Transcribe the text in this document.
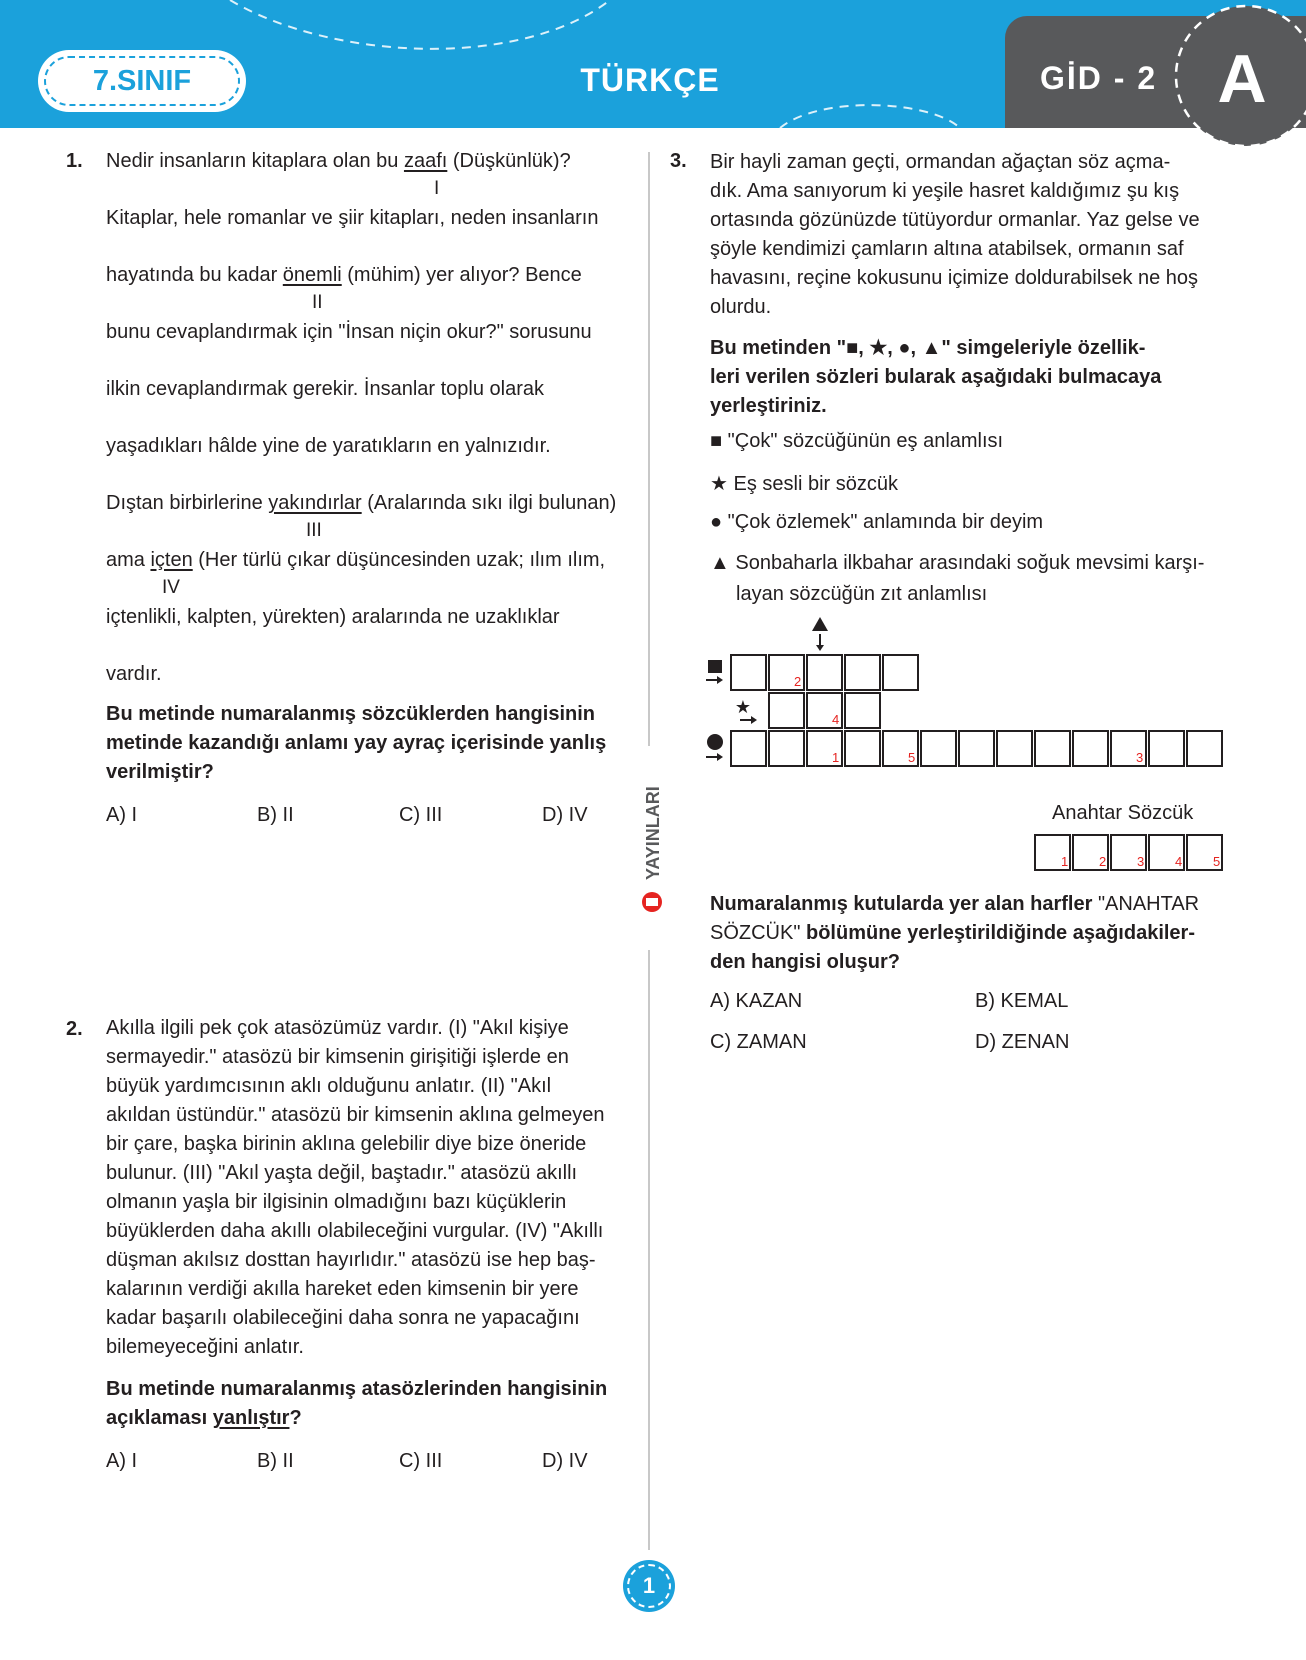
7.SINIF	TÜRKÇE	GİD - 2 A
1. Nedir insanların kitaplara olan bu zaafı (Düşkünlük)?
I
Kitaplar, hele romanlar ve şiir kitapları, neden insanların
hayatında bu kadar önemli (mühim) yer alıyor? Bence
II
bunu cevaplandırmak için "İnsan niçin okur?" sorusunu
ilkin cevaplandırmak gerekir. İnsanlar toplu olarak
yaşadıkları hâlde yine de yaratıkların en yalnızıdır.
Dıştan birbirlerine yakındırlar (Aralarında sıkı ilgi bulunan)
III
ama içten (Her türlü çıkar düşüncesinden uzak; ılım ılım,
IV
içtenlikli, kalpten, yürekten) aralarında ne uzaklıklar
vardır.
Bu metinde numaralanmış sözcüklerden hangisinin metinde kazandığı anlamı yay ayraç içerisinde yanlış verilmiştir?
A) I	B) II	C) III	D) IV
2. Akılla ilgili pek çok atasözümüz vardır. (I) "Akıl kişiye
sermayedir." atasözü bir kimsenin girişitiği işlerde en
büyük yardımcısının aklı olduğunu anlatır. (II) "Akıl
akıldan üstündür." atasözü bir kimsenin aklına gelmeyen
bir çare, başka birinin aklına gelebilir diye bize öneride
bulunur. (III) "Akıl yaşta değil, baştadır." atasözü akıllı
olmanın yaşla bir ilgisinin olmadığını bazı küçüklerin
büyüklerden daha akıllı olabileceğini vurgular. (IV) "Akıllı
düşman akılsız dosttan hayırlıdır." atasözü ise hep baş-
kalarının verdiği akılla hareket eden kimsenin bir yere
kadar başarılı olabileceğini daha sonra ne yapacağını
bilemeyeceğini anlatır.
Bu metinde numaralanmış atasözlerinden hangisinin
açıklaması yanlıştır?
A) I	B) II	C) III	D) IV
YAYINLARI
3. Bir hayli zaman geçti, ormandan ağaçtan söz açma-
dık. Ama sanıyorum ki yeşile hasret kaldığımız şu kış
ortasında gözünüzde tütüyordur ormanlar. Yaz gelse ve
şöyle kendimizi çamların altına atabilsek, ormanın saf
havasını, reçine kokusunu içimize doldurabilsek ne hoş
olurdu.
Bu metinden "■, ★, ●, ▲" simgeleriyle özellik-
leri verilen sözleri bularak aşağıdaki bulmacaya
yerleştiriniz.
■ "Çok" sözcüğünün eş anlamlısı
★ Eş sesli bir sözcük
● "Çok özlemek" anlamında bir deyim
▲ Sonbaharla ilkbahar arasındaki soğuk mevsimi karşı-
layan sözcüğün zıt anlamlısı
2
4
1	5	3
★
Anahtar Sözcük
1 2 3 4 5
Numaralanmış kutularda yer alan harfler "ANAHTAR
SÖZCÜK" bölümüne yerleştirildiğinde aşağıdakiler-
den hangisi oluşur?
A) KAZAN	B) KEMAL
C) ZAMAN	D) ZENAN
1
